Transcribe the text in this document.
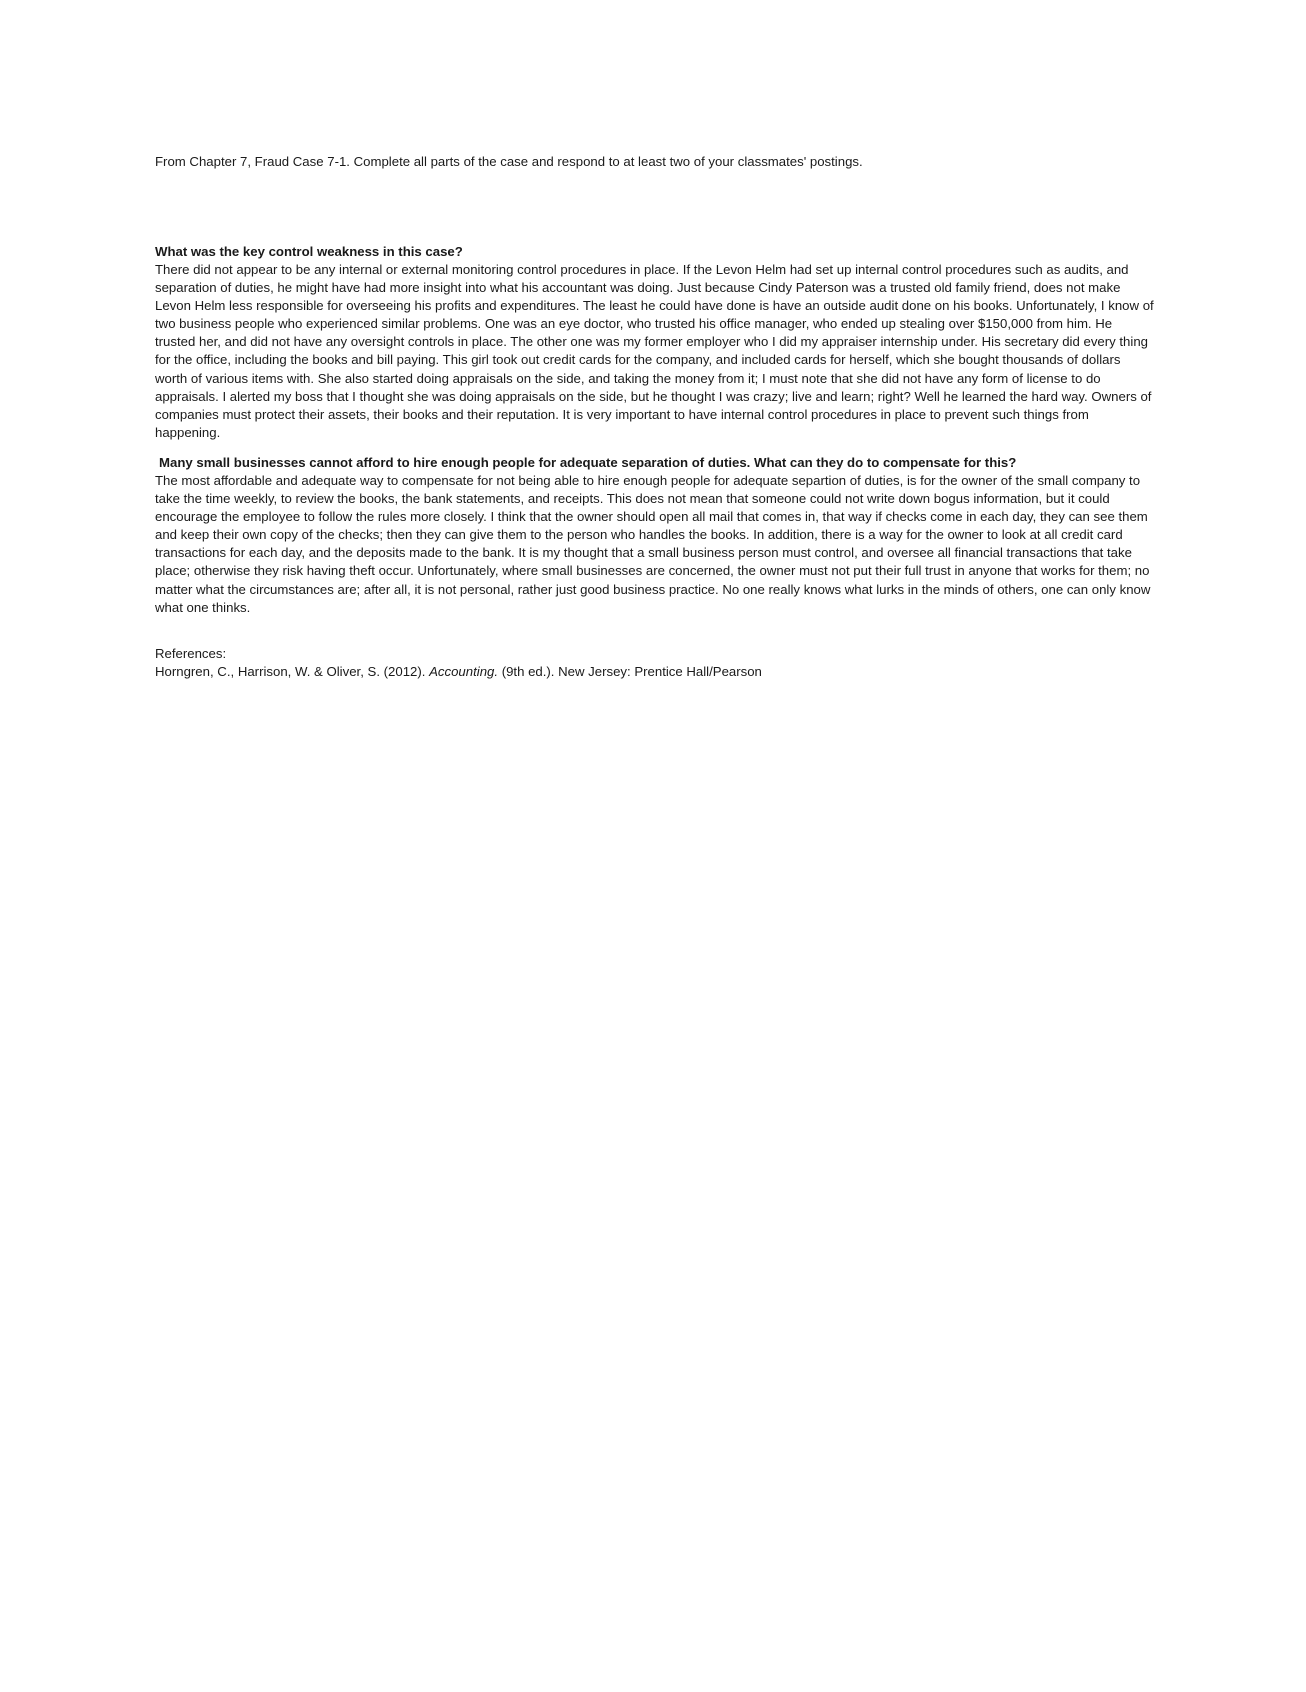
From Chapter 7, Fraud Case 7-1. Complete all parts of the case and respond to at least two of your classmates' postings.

What was the key control weakness in this case?

There did not appear to be any internal or external monitoring control procedures in place. If the Levon Helm had set up internal control procedures such as audits, and separation of duties, he might have had more insight into what his accountant was doing. Just because Cindy Paterson was a trusted old family friend, does not make Levon Helm less responsible for overseeing his profits and expenditures. The least he could have done is have an outside audit done on his books. Unfortunately, I know of two business people who experienced similar problems. One was an eye doctor, who trusted his office manager, who ended up stealing over $150,000 from him. He trusted her, and did not have any oversight controls in place. The other one was my former employer who I did my appraiser internship under. His secretary did every thing for the office, including the books and bill paying. This girl took out credit cards for the company, and included cards for herself, which she bought thousands of dollars worth of various items with. She also started doing appraisals on the side, and taking the money from it; I must note that she did not have any form of license to do appraisals. I alerted my boss that I thought she was doing appraisals on the side, but he thought I was crazy; live and learn; right? Well he learned the hard way. Owners of companies must protect their assets, their books and their reputation. It is very important to have internal control procedures in place to prevent such things from happening.

Many small businesses cannot afford to hire enough people for adequate separation of duties. What can they do to compensate for this?

The most affordable and adequate way to compensate for not being able to hire enough people for adequate separtion of duties, is for the owner of the small company to take the time weekly, to review the books, the bank statements, and receipts. This does not mean that someone could not write down bogus information, but it could encourage the employee to follow the rules more closely. I think that the owner should open all mail that comes in, that way if checks come in each day, they can see them and keep their own copy of the checks; then they can give them to the person who handles the books. In addition, there is a way for the owner to look at all credit card transactions for each day, and the deposits made to the bank. It is my thought that a small business person must control, and oversee all financial transactions that take place; otherwise they risk having theft occur. Unfortunately, where small businesses are concerned, the owner must not put their full trust in anyone that works for them; no matter what the circumstances are; after all, it is not personal, rather just good business practice. No one really knows what lurks in the minds of others, one can only know what one thinks.

References:

Horngren, C., Harrison, W. & Oliver, S. (2012). Accounting. (9th ed.). New Jersey: Prentice Hall/Pearson
